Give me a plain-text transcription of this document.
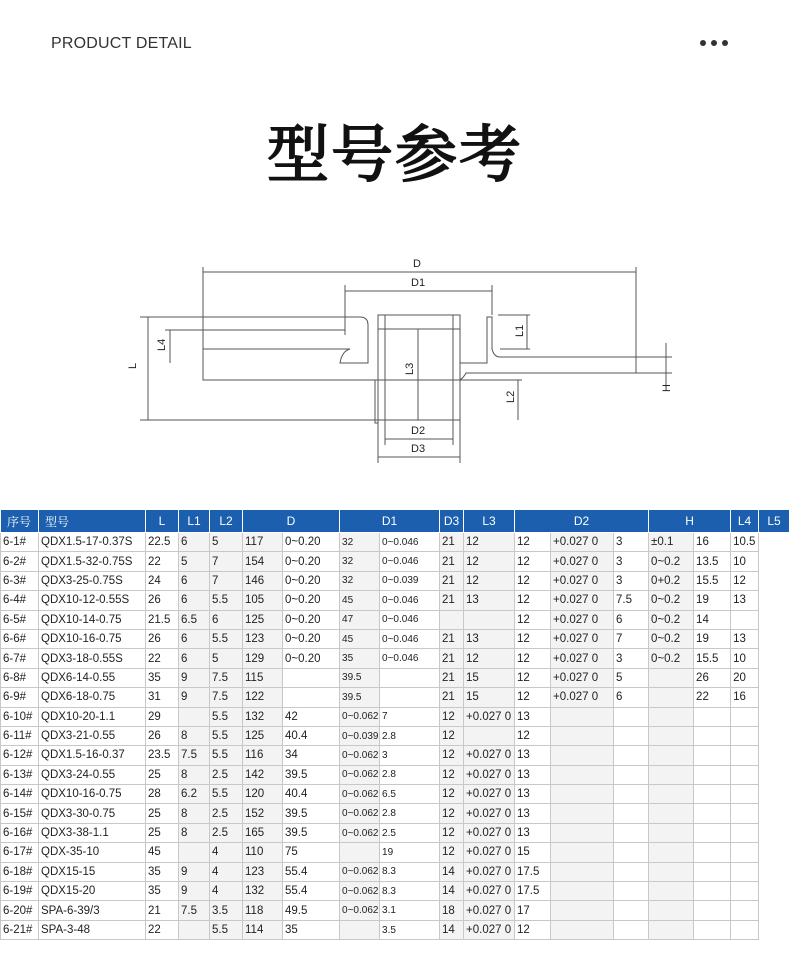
PRODUCT DETAIL
型号参考
D
D1
D2
D3
L
L4
L3
L1
L2
H
序号	型号	L	L1	L2	D		D1		D3	L3	D2			H		L4	L5
6-1#	QDX1.5-17-0.37S	22.5	6	5	117	0~0.20	32	0~0.046	21	12	12	+0.027 0	3	±0.1	16	10.5	
6-2#	QDX1.5-32-0.75S	22	5	7	154	0~0.20	32	0~0.046	21	12	12	+0.027 0	3	0~0.2	13.5	10	
6-3#	QDX3-25-0.75S	24	6	7	146	0~0.20	32	0~0.039	21	12	12	+0.027 0	3	0+0.2	15.5	12	
6-4#	QDX10-12-0.55S	26	6	5.5	105	0~0.20	45	0~0.046	21	13	12	+0.027 0	7.5	0~0.2	19	13	
6-5#	QDX10-14-0.75	21.5	6.5	6	125	0~0.20	47	0~0.046			12	+0.027 0	6	0~0.2	14		
6-6#	QDX10-16-0.75	26	6	5.5	123	0~0.20	45	0~0.046	21	13	12	+0.027 0	7	0~0.2	19	13	
6-7#	QDX3-18-0.55S	22	6	5	129	0~0.20	35	0~0.046	21	12	12	+0.027 0	3	0~0.2	15.5	10	
6-8#	QDX6-14-0.55	35	9	7.5	115		39.5		21	15	12	+0.027 0	5		26	20	
6-9#	QDX6-18-0.75	31	9	7.5	122		39.5		21	15	12	+0.027 0	6		22	16	
6-10#	QDX10-20-1.1	29		5.5	132	42	0~0.062	7	12	+0.027 0	13						
6-11#	QDX3-21-0.55	26	8	5.5	125	40.4	0~0.039	2.8	12		12						
6-12#	QDX1.5-16-0.37	23.5	7.5	5.5	116	34	0~0.062	3	12	+0.027 0	13						
6-13#	QDX3-24-0.55	25	8	2.5	142	39.5	0~0.062	2.8	12	+0.027 0	13						
6-14#	QDX10-16-0.75	28	6.2	5.5	120	40.4	0~0.062	6.5	12	+0.027 0	13						
6-15#	QDX3-30-0.75	25	8	2.5	152	39.5	0~0.062	2.8	12	+0.027 0	13						
6-16#	QDX3-38-1.1	25	8	2.5	165	39.5	0~0.062	2.5	12	+0.027 0	13						
6-17#	QDX-35-10	45		4	110	75		19	12	+0.027 0	15						
6-18#	QDX15-15	35	9	4	123	55.4	0~0.062	8.3	14	+0.027 0	17.5						
6-19#	QDX15-20	35	9	4	132	55.4	0~0.062	8.3	14	+0.027 0	17.5						
6-20#	SPA-6-39/3	21	7.5	3.5	118	49.5	0~0.062	3.1	18	+0.027 0	17						
6-21#	SPA-3-48	22		5.5	114	35		3.5	14	+0.027 0	12						
